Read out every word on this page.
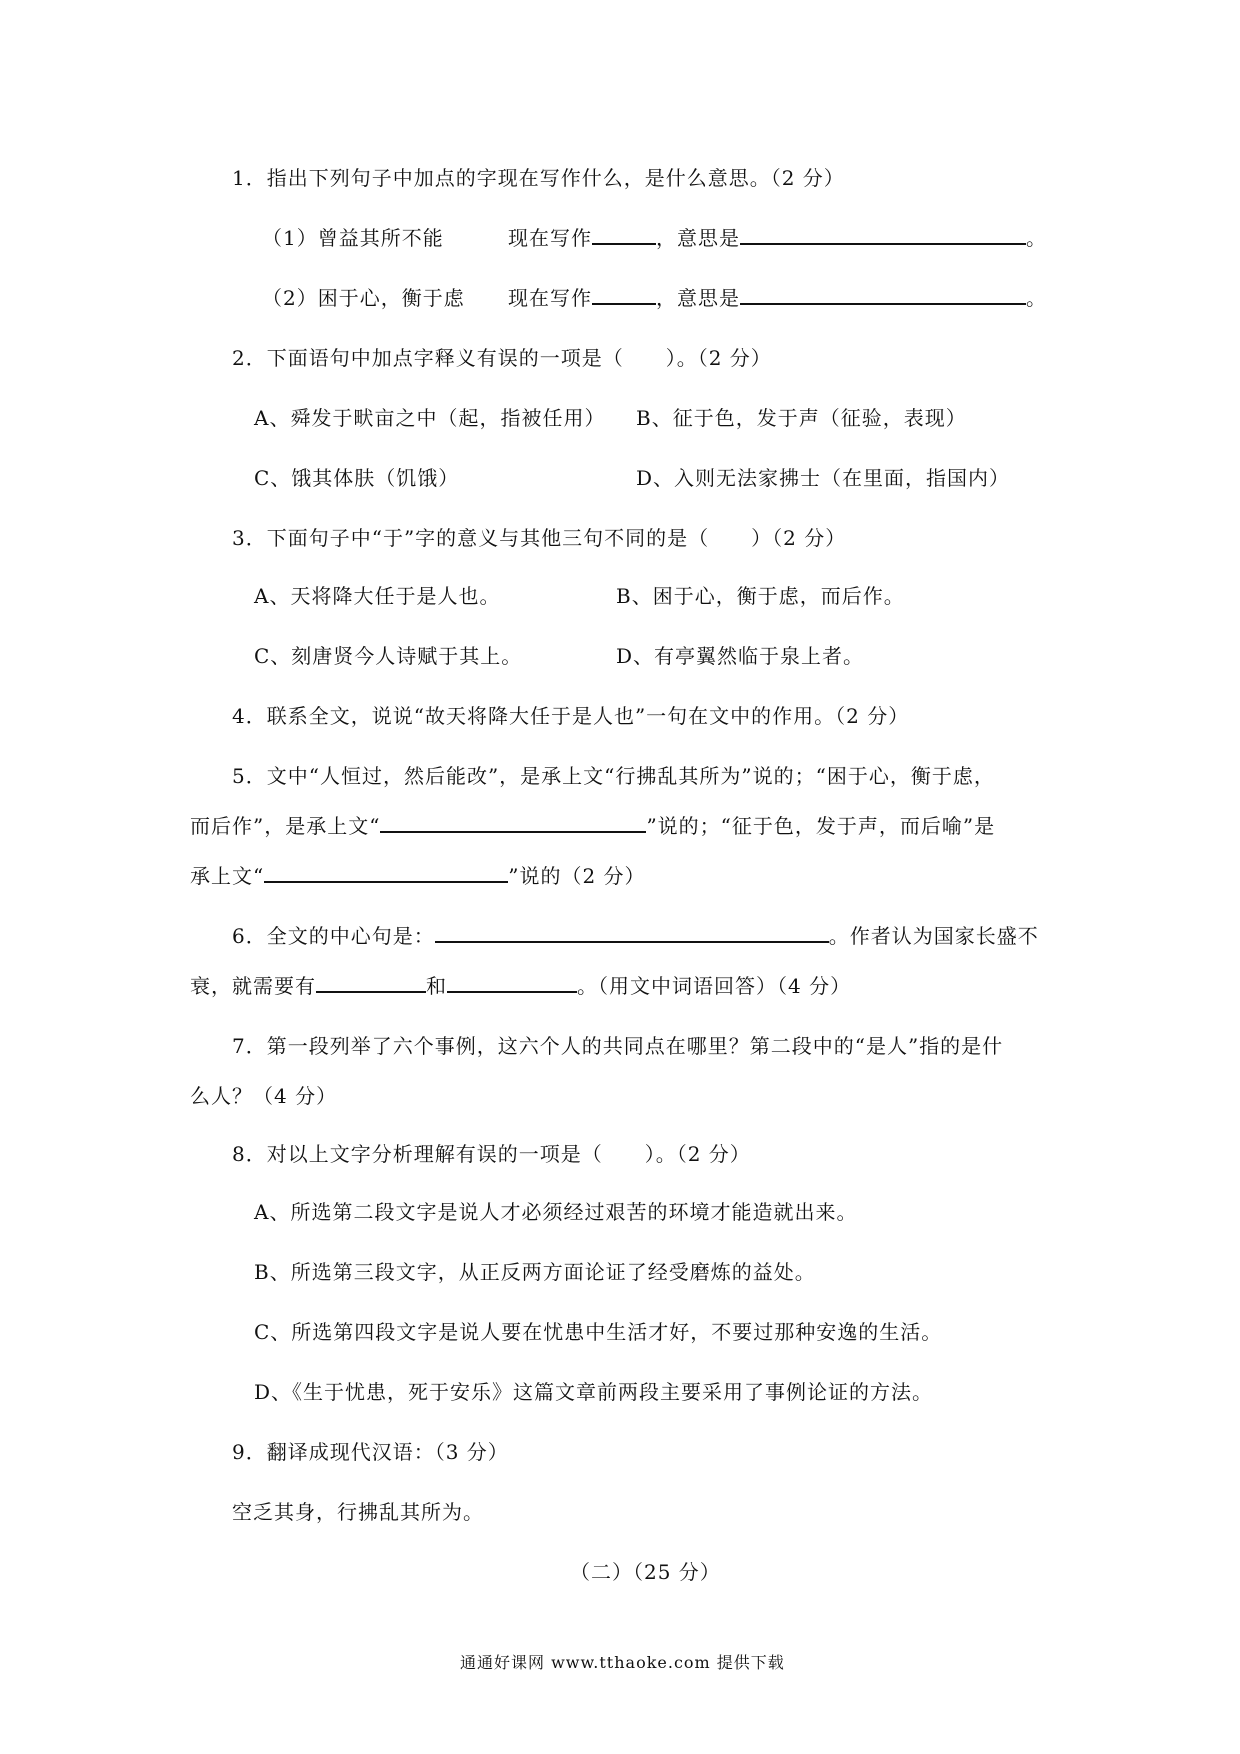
1．指出下列句子中加点的字现在写作什么，是什么意思。（2 分）
（1）曾益其所不能	现在写作	，意思是	。
（2）困于心，衡于虑 现在写作	，意思是	。
2．下面语句中加点字释义有误的一项是（　　）。（2 分）
A、舜发于畎亩之中（起，指被任用） B、征于色，发于声（征验，表现）
C、饿其体肤（饥饿）	D、入则无法家拂士（在里面，指国内）
3．下面句子中“于”字的意义与其他三句不同的是（　　）（2 分）
A、天将降大任于是人也。	B、困于心，衡于虑，而后作。
C、刻唐贤今人诗赋于其上。	D、有亭翼然临于泉上者。
4．联系全文，说说“故天将降大任于是人也”一句在文中的作用。（2 分）
5．文中“人恒过，然后能改”，是承上文“行拂乱其所为”说的；“困于心，衡于虑，
而后作”，是承上文“	”说的；“征于色，发于声，而后喻”是
承上文“	”说的（2 分）
6．全文的中心句是：	。作者认为国家长盛不
衰，就需要有	和	。（用文中词语回答）（4 分）
7．第一段列举了六个事例，这六个人的共同点在哪里？第二段中的“是人”指的是什
么人？（4 分）
8．对以上文字分析理解有误的一项是（　　）。（2 分）
A、所选第二段文字是说人才必须经过艰苦的环境才能造就出来。
B、所选第三段文字，从正反两方面论证了经受磨炼的益处。
C、所选第四段文字是说人要在忧患中生活才好，不要过那种安逸的生活。
D、《生于忧患，死于安乐》这篇文章前两段主要采用了事例论证的方法。
9．翻译成现代汉语：（3 分）
空乏其身，行拂乱其所为。
（二）（25 分）
通通好课网 www.tthaoke.com 提供下载
